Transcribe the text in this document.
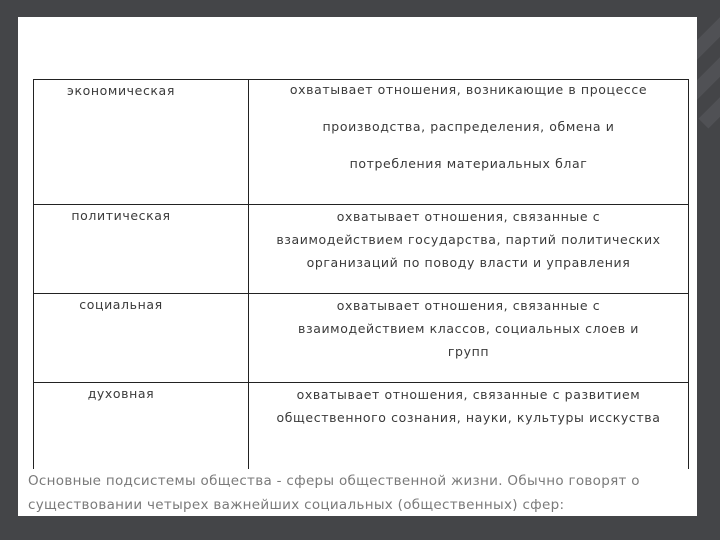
экономическая	охватывает отношения, возникающие в процессе
производства, распределения, обмена и
потребления материальных благ

политическая	охватывает отношения, связанные с
взаимодействием государства, партий политических
организаций по поводу власти и управления

социальная	охватывает отношения, связанные с
взаимодействием классов, социальных слоев и
групп

духовная	охватывает отношения, связанные с развитием
общественного сознания, науки, культуры исскуства
Основные подсистемы общества - сферы общественной жизни. Обычно говорят о
существовании четырех важнейших социальных (общественных) сфер:
